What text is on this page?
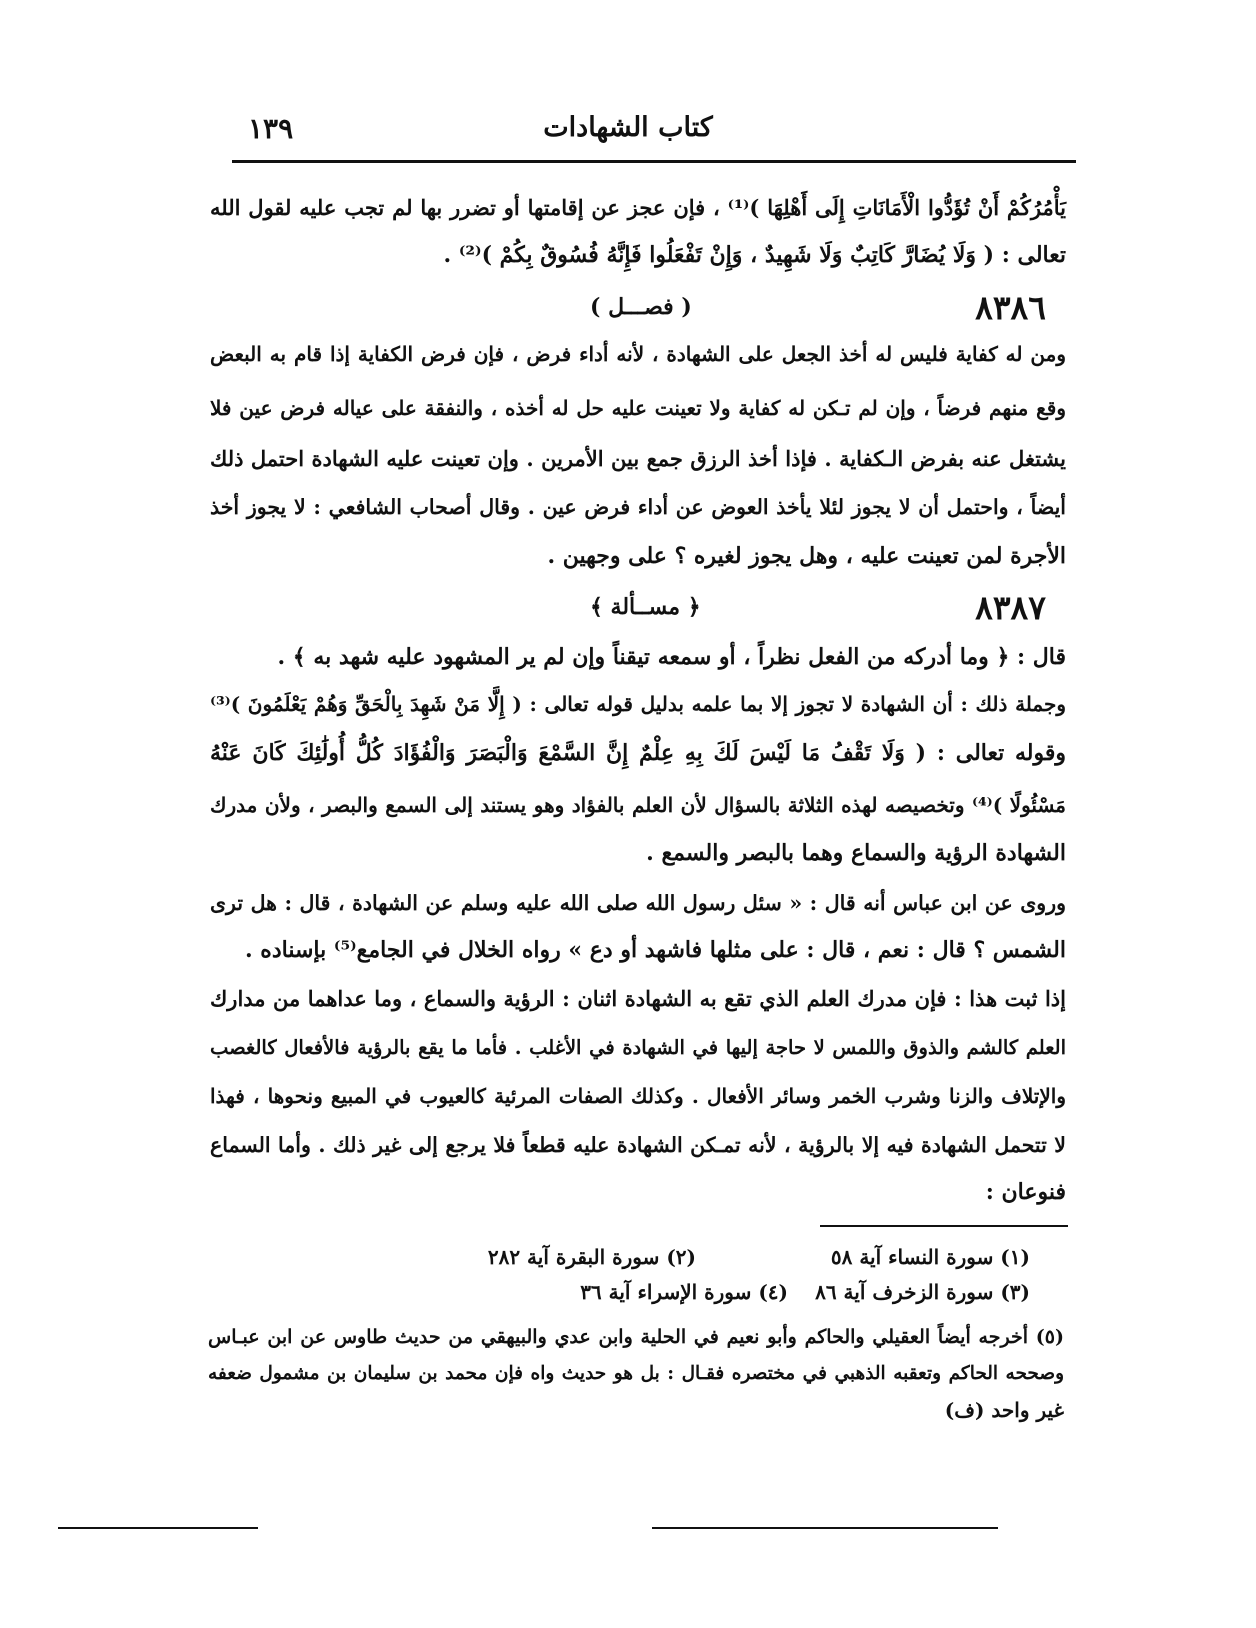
كتاب الشهادات
١٣٩
يَأْمُرُكُمْ أَنْ تُؤَدُّوا الْأَمَانَاتِ إِلَى أَهْلِهَا )⁽¹⁾ ، فإن عجز عن إقامتها أو تضرر بها لم تجب عليه لقول الله
تعالى : ( وَلَا يُضَارَّ كَاتِبٌ وَلَا شَهِيدٌ ، وَإِنْ تَفْعَلُوا فَإِنَّهُ فُسُوقٌ بِكُمْ )⁽²⁾ .
٨٣٨٦
( فصـــل )
ومن له كفاية فليس له أخذ الجعل على الشهادة ، لأنه أداء فرض ، فإن فرض الكفاية إذا قام به البعض
وقع منهم فرضاً ، وإن لم تـكن له كفاية ولا تعينت عليه حل له أخذه ، والنفقة على عياله فرض عين فلا
يشتغل عنه بفرض الـكفاية . فإذا أخذ الرزق جمع بين الأمرين . وإن تعينت عليه الشهادة احتمل ذلك
أيضاً ، واحتمل أن لا يجوز لئلا يأخذ العوض عن أداء فرض عين . وقال أصحاب الشافعي : لا يجوز أخذ
الأجرة لمن تعينت عليه ، وهل يجوز لغيره ؟ على وجهين .
٨٣٨٧
﴿ مســألة ﴾
قال : ﴿ وما أدركه من الفعل نظراً ، أو سمعه تيقناً وإن لم ير المشهود عليه شهد به ﴾ .
وجملة ذلك : أن الشهادة لا تجوز إلا بما علمه بدليل قوله تعالى : ( إِلَّا مَنْ شَهِدَ بِالْحَقِّ وَهُمْ يَعْلَمُونَ )⁽³⁾
وقوله تعالى : ( وَلَا تَقْفُ مَا لَيْسَ لَكَ بِهِ عِلْمٌ إِنَّ السَّمْعَ وَالْبَصَرَ وَالْفُؤَادَ كُلُّ أُولَٰئِكَ كَانَ عَنْهُ
مَسْئُولًا )⁽⁴⁾ وتخصيصه لهذه الثلاثة بالسؤال لأن العلم بالفؤاد وهو يستند إلى السمع والبصر ، ولأن مدرك
الشهادة الرؤية والسماع وهما بالبصر والسمع .
وروى عن ابن عباس أنه قال : « سئل رسول الله صلى الله عليه وسلم عن الشهادة ، قال : هل ترى
الشمس ؟ قال : نعم ، قال : على مثلها فاشهد أو دع » رواه الخلال في الجامع⁽⁵⁾ بإسناده .
إذا ثبت هذا : فإن مدرك العلم الذي تقع به الشهادة اثنان : الرؤية والسماع ، وما عداهما من مدارك
العلم كالشم والذوق واللمس لا حاجة إليها في الشهادة في الأغلب . فأما ما يقع بالرؤية فالأفعال كالغصب
والإتلاف والزنا وشرب الخمر وسائر الأفعال . وكذلك الصفات المرئية كالعيوب في المبيع ونحوها ، فهذا
لا تتحمل الشهادة فيه إلا بالرؤية ، لأنه تمـكن الشهادة عليه قطعاً فلا يرجع إلى غير ذلك . وأما السماع
فنوعان :
(١) سورة النساء آية ٥٨
(٢) سورة البقرة آية ٢٨٢
(٣) سورة الزخرف آية ٨٦
(٤) سورة الإسراء آية ٣٦
(٥) أخرجه أيضاً العقيلي والحاكم وأبو نعيم في الحلية وابن عدي والبيهقي من حديث طاوس عن ابن عبـاس
وصححه الحاكم وتعقبه الذهبي في مختصره فقـال : بل هو حديث واه فإن محمد بن سليمان بن مشمول ضعفه
غير واحد (ف)
